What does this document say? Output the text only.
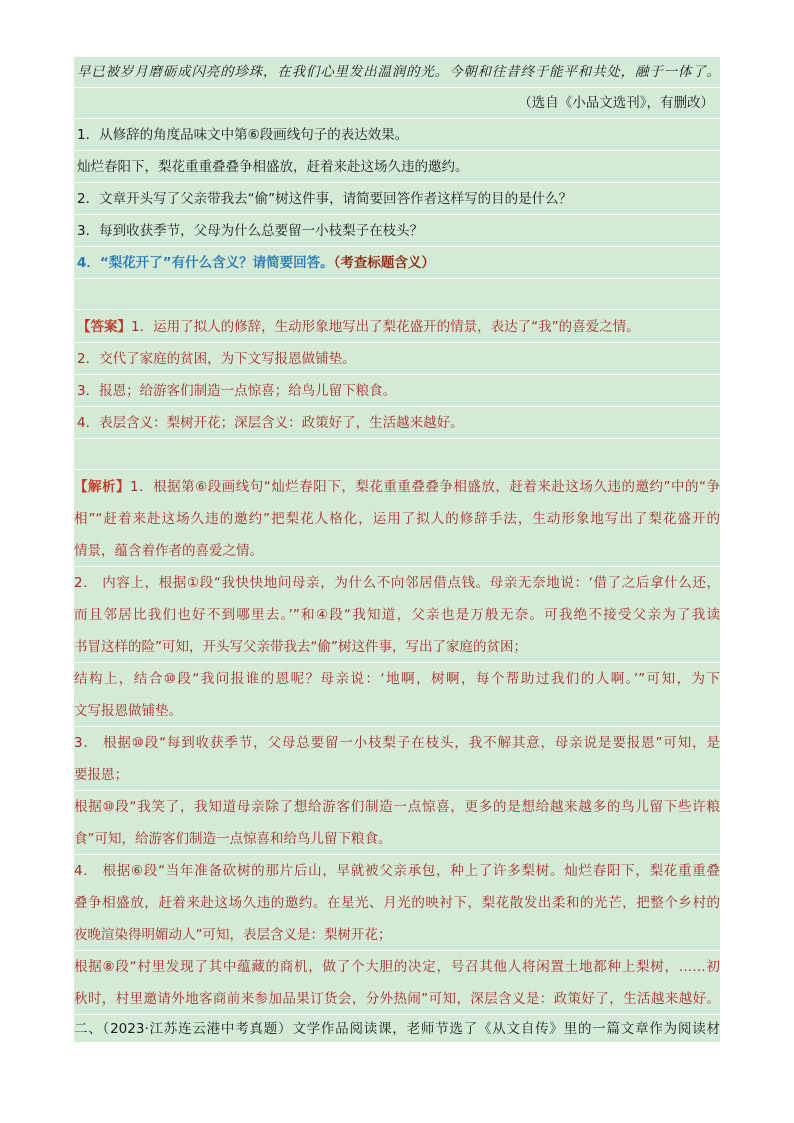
早已被岁月磨砺成闪亮的珍珠，在我们心里发出温润的光。今朝和往昔终于能平和共处，融于一体了。
（选自《小品文选刊》，有删改）
1．从修辞的角度品味文中第⑥段画线句子的表达效果。
灿烂春阳下，梨花重重叠叠争相盛放，赶着来赴这场久违的邀约。
2．文章开头写了父亲带我去“偷”树这件事，请简要回答作者这样写的目的是什么？
3．每到收获季节，父母为什么总要留一小枝梨子在枝头？
4．“梨花开了”有什么含义？请简要回答。（考查标题含义）
【答案】1．运用了拟人的修辞，生动形象地写出了梨花盛开的情景，表达了“我”的喜爱之情。
2．交代了家庭的贫困，为下文写报恩做铺垫。
3．报恩；给游客们制造一点惊喜；给鸟儿留下粮食。
4．表层含义：梨树开花；深层含义：政策好了，生活越来越好。
【解析】1．根据第⑥段画线句“灿烂春阳下，梨花重重叠叠争相盛放，赶着来赴这场久违的邀约”中的“争
相”“赶着来赴这场久违的邀约”把梨花人格化，运用了拟人的修辞手法，生动形象地写出了梨花盛开的
情景，蕴含着作者的喜爱之情。
2． 内容上，根据①段“我快快地问母亲，为什么不向邻居借点钱。母亲无奈地说：‘借了之后拿什么还，
而且邻居比我们也好不到哪里去。’”和④段“我知道，父亲也是万般无奈。可我绝不接受父亲为了我读
书冒这样的险”可知，开头写父亲带我去“偷”树这件事，写出了家庭的贫困；
结构上，结合⑩段“我问报谁的恩呢？母亲说：‘地啊，树啊，每个帮助过我们的人啊。’”可知，为下
文写报恩做铺垫。
3． 根据⑩段“每到收获季节，父母总要留一小枝梨子在枝头，我不解其意，母亲说是要报恩”可知，是
要报恩；
根据⑩段“我笑了，我知道母亲除了想给游客们制造一点惊喜，更多的是想给越来越多的鸟儿留下些许粮
食”可知，给游客们制造一点惊喜和给鸟儿留下粮食。
4． 根据⑥段“当年准备砍树的那片后山，早就被父亲承包，种上了许多梨树。灿烂春阳下，梨花重重叠
叠争相盛放，赶着来赴这场久违的邀约。在星光、月光的映衬下，梨花散发出柔和的光芒，把整个乡村的
夜晚渲染得明媚动人”可知，表层含义是：梨树开花；
根据⑧段“村里发现了其中蕴藏的商机，做了个大胆的决定，号召其他人将闲置土地都种上梨树，……初
秋时，村里邀请外地客商前来参加品果订货会，分外热闹”可知，深层含义是：政策好了，生活越来越好。
二、（2023·江苏连云港中考真题）文学作品阅读课，老师节选了《从文自传》里的一篇文章作为阅读材
